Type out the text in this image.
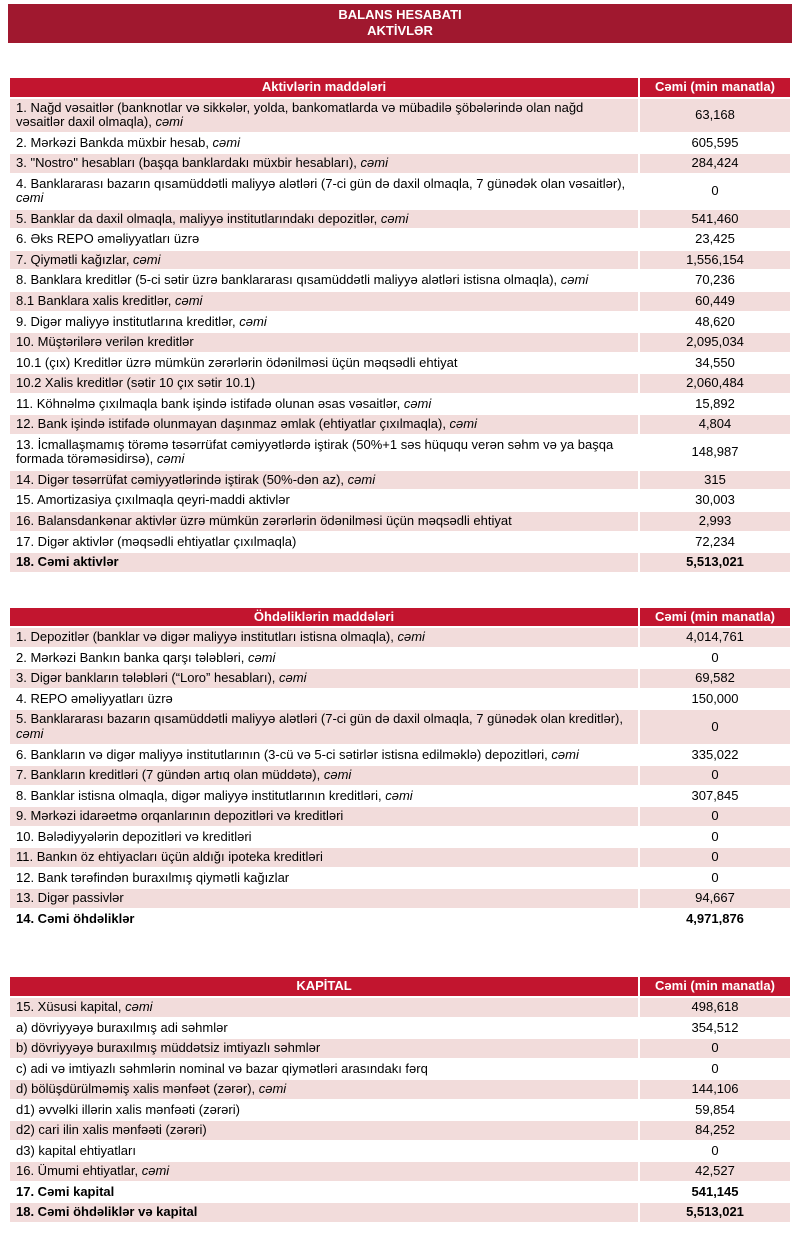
BALANS HESABATI
AKTİVLƏR
Aktivlərin maddələri	Cəmi (min manatla)
1. Nağd vəsaitlər (banknotlar və sikkələr, yolda, bankomatlarda və mübadilə şöbələrində olan nağd vəsaitlər daxil olmaqla), cəmi	63,168
2. Mərkəzi Bankda müxbir hesab, cəmi	605,595
3. "Nostro" hesabları (başqa banklardakı müxbir hesabları), cəmi	284,424
4. Banklararası bazarın qısamüddətli maliyyə alətləri (7-ci gün də daxil olmaqla, 7 günədək olan vəsaitlər), cəmi	0
5. Banklar da daxil olmaqla, maliyyə institutlarındakı depozitlər, cəmi	541,460
6. Əks REPO əməliyyatları üzrə	23,425
7. Qiymətli kağızlar, cəmi	1,556,154
8. Banklara kreditlər (5-ci sətir üzrə banklararası qısamüddətli maliyyə alətləri istisna olmaqla), cəmi	70,236
8.1 Banklara xalis kreditlər, cəmi	60,449
9. Digər maliyyə institutlarına kreditlər, cəmi	48,620
10. Müştərilərə verilən kreditlər	2,095,034
10.1 (çıx) Kreditlər üzrə mümkün zərərlərin ödənilməsi üçün məqsədli ehtiyat	34,550
10.2 Xalis kreditlər (sətir 10 çıx sətir 10.1)	2,060,484
11. Köhnəlmə çıxılmaqla bank işində istifadə olunan əsas vəsaitlər, cəmi	15,892
12. Bank işində istifadə olunmayan daşınmaz əmlak (ehtiyatlar çıxılmaqla), cəmi	4,804
13. İcmallaşmamış törəmə təsərrüfat cəmiyyətlərdə iştirak (50%+1 səs hüququ verən səhm və ya başqa formada törəməsidirsə), cəmi	148,987
14. Digər təsərrüfat cəmiyyətlərində iştirak (50%-dən az), cəmi	315
15. Amortizasiya çıxılmaqla qeyri-maddi aktivlər	30,003
16. Balansdankənar aktivlər üzrə mümkün zərərlərin ödənilməsi üçün məqsədli ehtiyat	2,993
17. Digər aktivlər (məqsədli ehtiyatlar çıxılmaqla)	72,234
18. Cəmi aktivlər	5,513,021
Öhdəliklərin maddələri	Cəmi (min manatla)
1. Depozitlər (banklar və digər maliyyə institutları istisna olmaqla), cəmi	4,014,761
2. Mərkəzi Bankın banka qarşı tələbləri, cəmi	0
3. Digər bankların tələbləri (“Loro” hesabları), cəmi	69,582
4. REPO əməliyyatları üzrə	150,000
5. Banklararası bazarın qısamüddətli maliyyə alətləri (7-ci gün də daxil olmaqla, 7 günədək olan kreditlər), cəmi	0
6. Bankların və digər maliyyə institutlarının (3-cü və 5-ci sətirlər istisna edilməklə) depozitləri, cəmi	335,022
7. Bankların kreditləri (7 gündən artıq olan müddətə), cəmi	0
8. Banklar istisna olmaqla, digər maliyyə institutlarının kreditləri, cəmi	307,845
9. Mərkəzi idarəetmə orqanlarının depozitləri və kreditləri	0
10. Bələdiyyələrin depozitləri və kreditləri	0
11. Bankın öz ehtiyacları üçün aldığı ipoteka kreditləri	0
12. Bank tərəfindən buraxılmış qiymətli kağızlar	0
13. Digər passivlər	94,667
14. Cəmi öhdəliklər	4,971,876
KAPİTAL	Cəmi (min manatla)
15. Xüsusi kapital, cəmi	498,618
a) dövriyyəyə buraxılmış adi səhmlər	354,512
b) dövriyyəyə buraxılmış müddətsiz imtiyazlı səhmlər	0
c) adi və imtiyazlı səhmlərin nominal və bazar qiymətləri arasındakı fərq	0
d) bölüşdürülməmiş xalis mənfəət (zərər), cəmi	144,106
d1) əvvəlki illərin xalis mənfəəti (zərəri)	59,854
d2) cari ilin xalis mənfəəti (zərəri)	84,252
d3) kapital ehtiyatları	0
16. Ümumi ehtiyatlar, cəmi	42,527
17. Cəmi kapital	541,145
18. Cəmi öhdəliklər və kapital	5,513,021
